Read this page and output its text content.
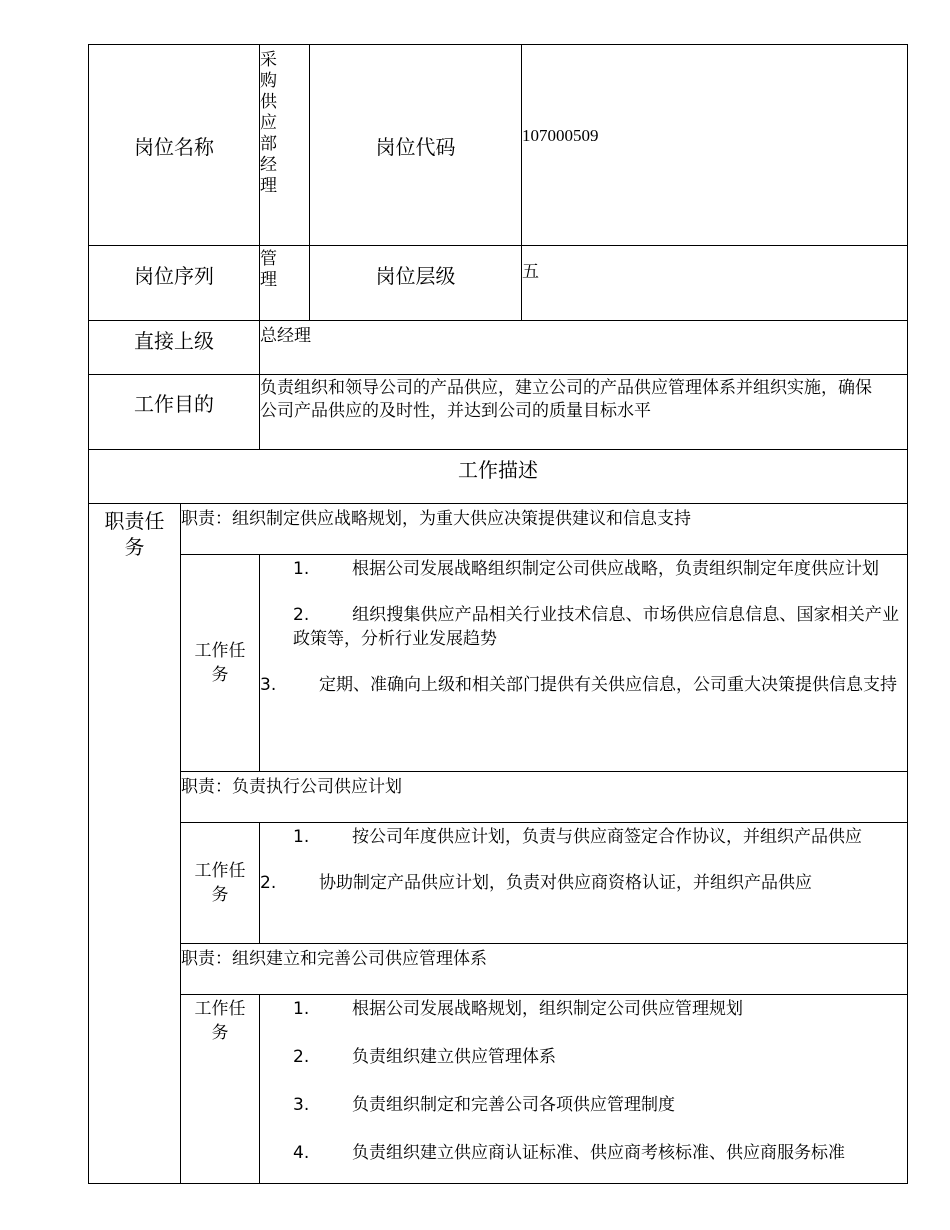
岗位名称		采购供应部经理	岗位代码	107000509

岗位序列		管理	岗位层级	五

直接上级		总经理		

工作目的		负责组织和领导公司的产品供应，建立公司的产品供应管理体系并组织实施，确保公司产品供应的及时性，并达到公司的质量目标水平		

工作描述				
职责任务	职责：组织制定供应战略规划，为重大供应决策提供建议和信息支持			
	工作任务	1. 根据公司发展战略组织制定公司供应战略，负责组织制定年度供应计划
2. 组织搜集供应产品相关行业技术信息、市场供应信息信息、国家相关产业政策等，分析行业发展趋势
3. 定期、准确向上级和相关部门提供有关供应信息，公司重大决策提供信息支持		

	职责：负责执行公司供应计划			
	工作任务	1. 按公司年度供应计划，负责与供应商签定合作协议，并组织产品供应
2. 协助制定产品供应计划，负责对供应商资格认证，并组织产品供应		

	职责：组织建立和完善公司供应管理体系			
	工作任务	1. 根据公司发展战略规划，组织制定公司供应管理规划
2. 负责组织建立供应管理体系
3. 负责组织制定和完善公司各项供应管理制度
4. 负责组织建立供应商认证标准、供应商考核标准、供应商服务标准		
